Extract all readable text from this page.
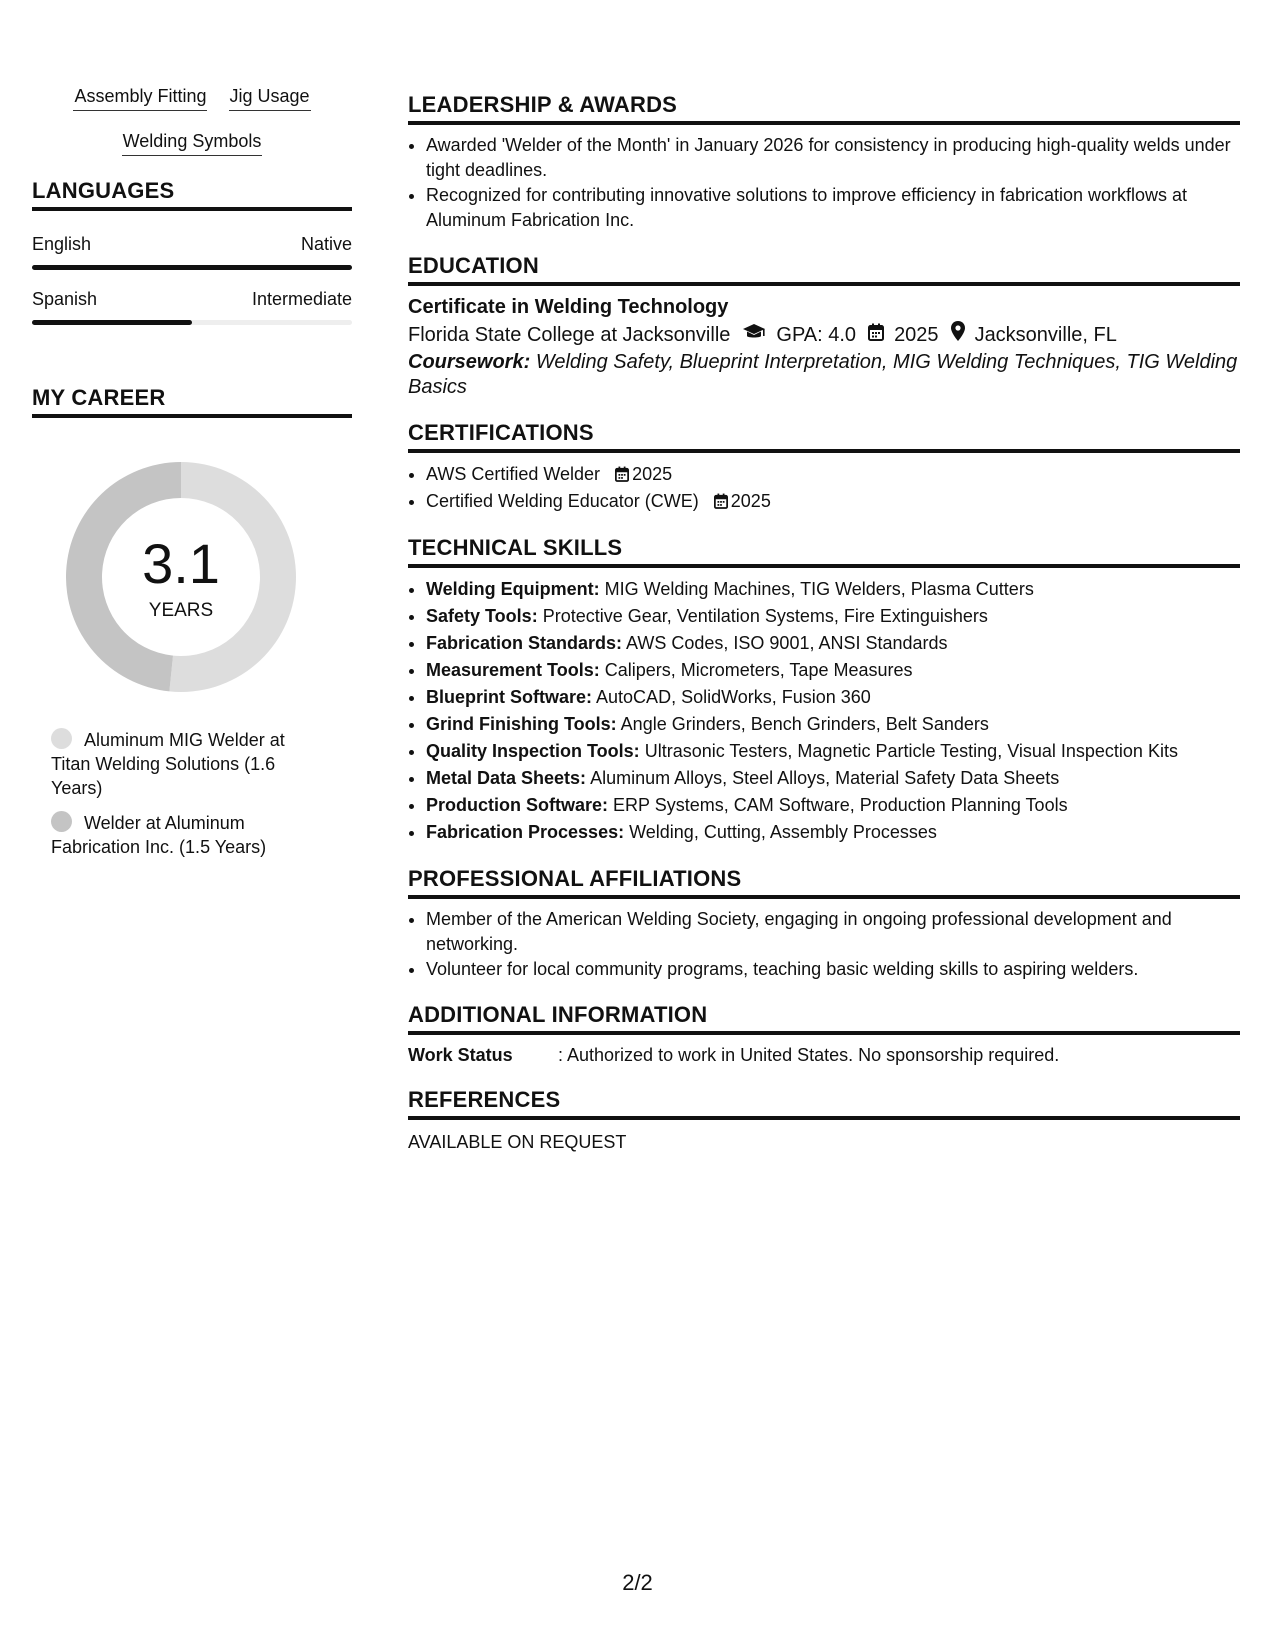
Assembly Fitting Jig Usage
Welding Symbols
LANGUAGES
English	Native
Spanish	Intermediate
MY CAREER
3.1
YEARS
Aluminum MIG Welder at Titan Welding Solutions (1.6 Years)
Welder at Aluminum Fabrication Inc. (1.5 Years)
LEADERSHIP & AWARDS
• Awarded 'Welder of the Month' in January 2026 for consistency in producing high-quality welds under tight deadlines.
• Recognized for contributing innovative solutions to improve efficiency in fabrication workflows at Aluminum Fabrication Inc.
EDUCATION
Certificate in Welding Technology
Florida State College at Jacksonville GPA: 4.0 2025 Jacksonville, FL
Coursework: Welding Safety, Blueprint Interpretation, MIG Welding Techniques, TIG Welding Basics
CERTIFICATIONS
• AWS Certified Welder 2025
• Certified Welding Educator (CWE) 2025
TECHNICAL SKILLS
• Welding Equipment: MIG Welding Machines, TIG Welders, Plasma Cutters
• Safety Tools: Protective Gear, Ventilation Systems, Fire Extinguishers
• Fabrication Standards: AWS Codes, ISO 9001, ANSI Standards
• Measurement Tools: Calipers, Micrometers, Tape Measures
• Blueprint Software: AutoCAD, SolidWorks, Fusion 360
• Grind Finishing Tools: Angle Grinders, Bench Grinders, Belt Sanders
• Quality Inspection Tools: Ultrasonic Testers, Magnetic Particle Testing, Visual Inspection Kits
• Metal Data Sheets: Aluminum Alloys, Steel Alloys, Material Safety Data Sheets
• Production Software: ERP Systems, CAM Software, Production Planning Tools
• Fabrication Processes: Welding, Cutting, Assembly Processes
PROFESSIONAL AFFILIATIONS
• Member of the American Welding Society, engaging in ongoing professional development and networking.
• Volunteer for local community programs, teaching basic welding skills to aspiring welders.
ADDITIONAL INFORMATION
Work Status	: Authorized to work in United States. No sponsorship required.
REFERENCES
AVAILABLE ON REQUEST
2/2
